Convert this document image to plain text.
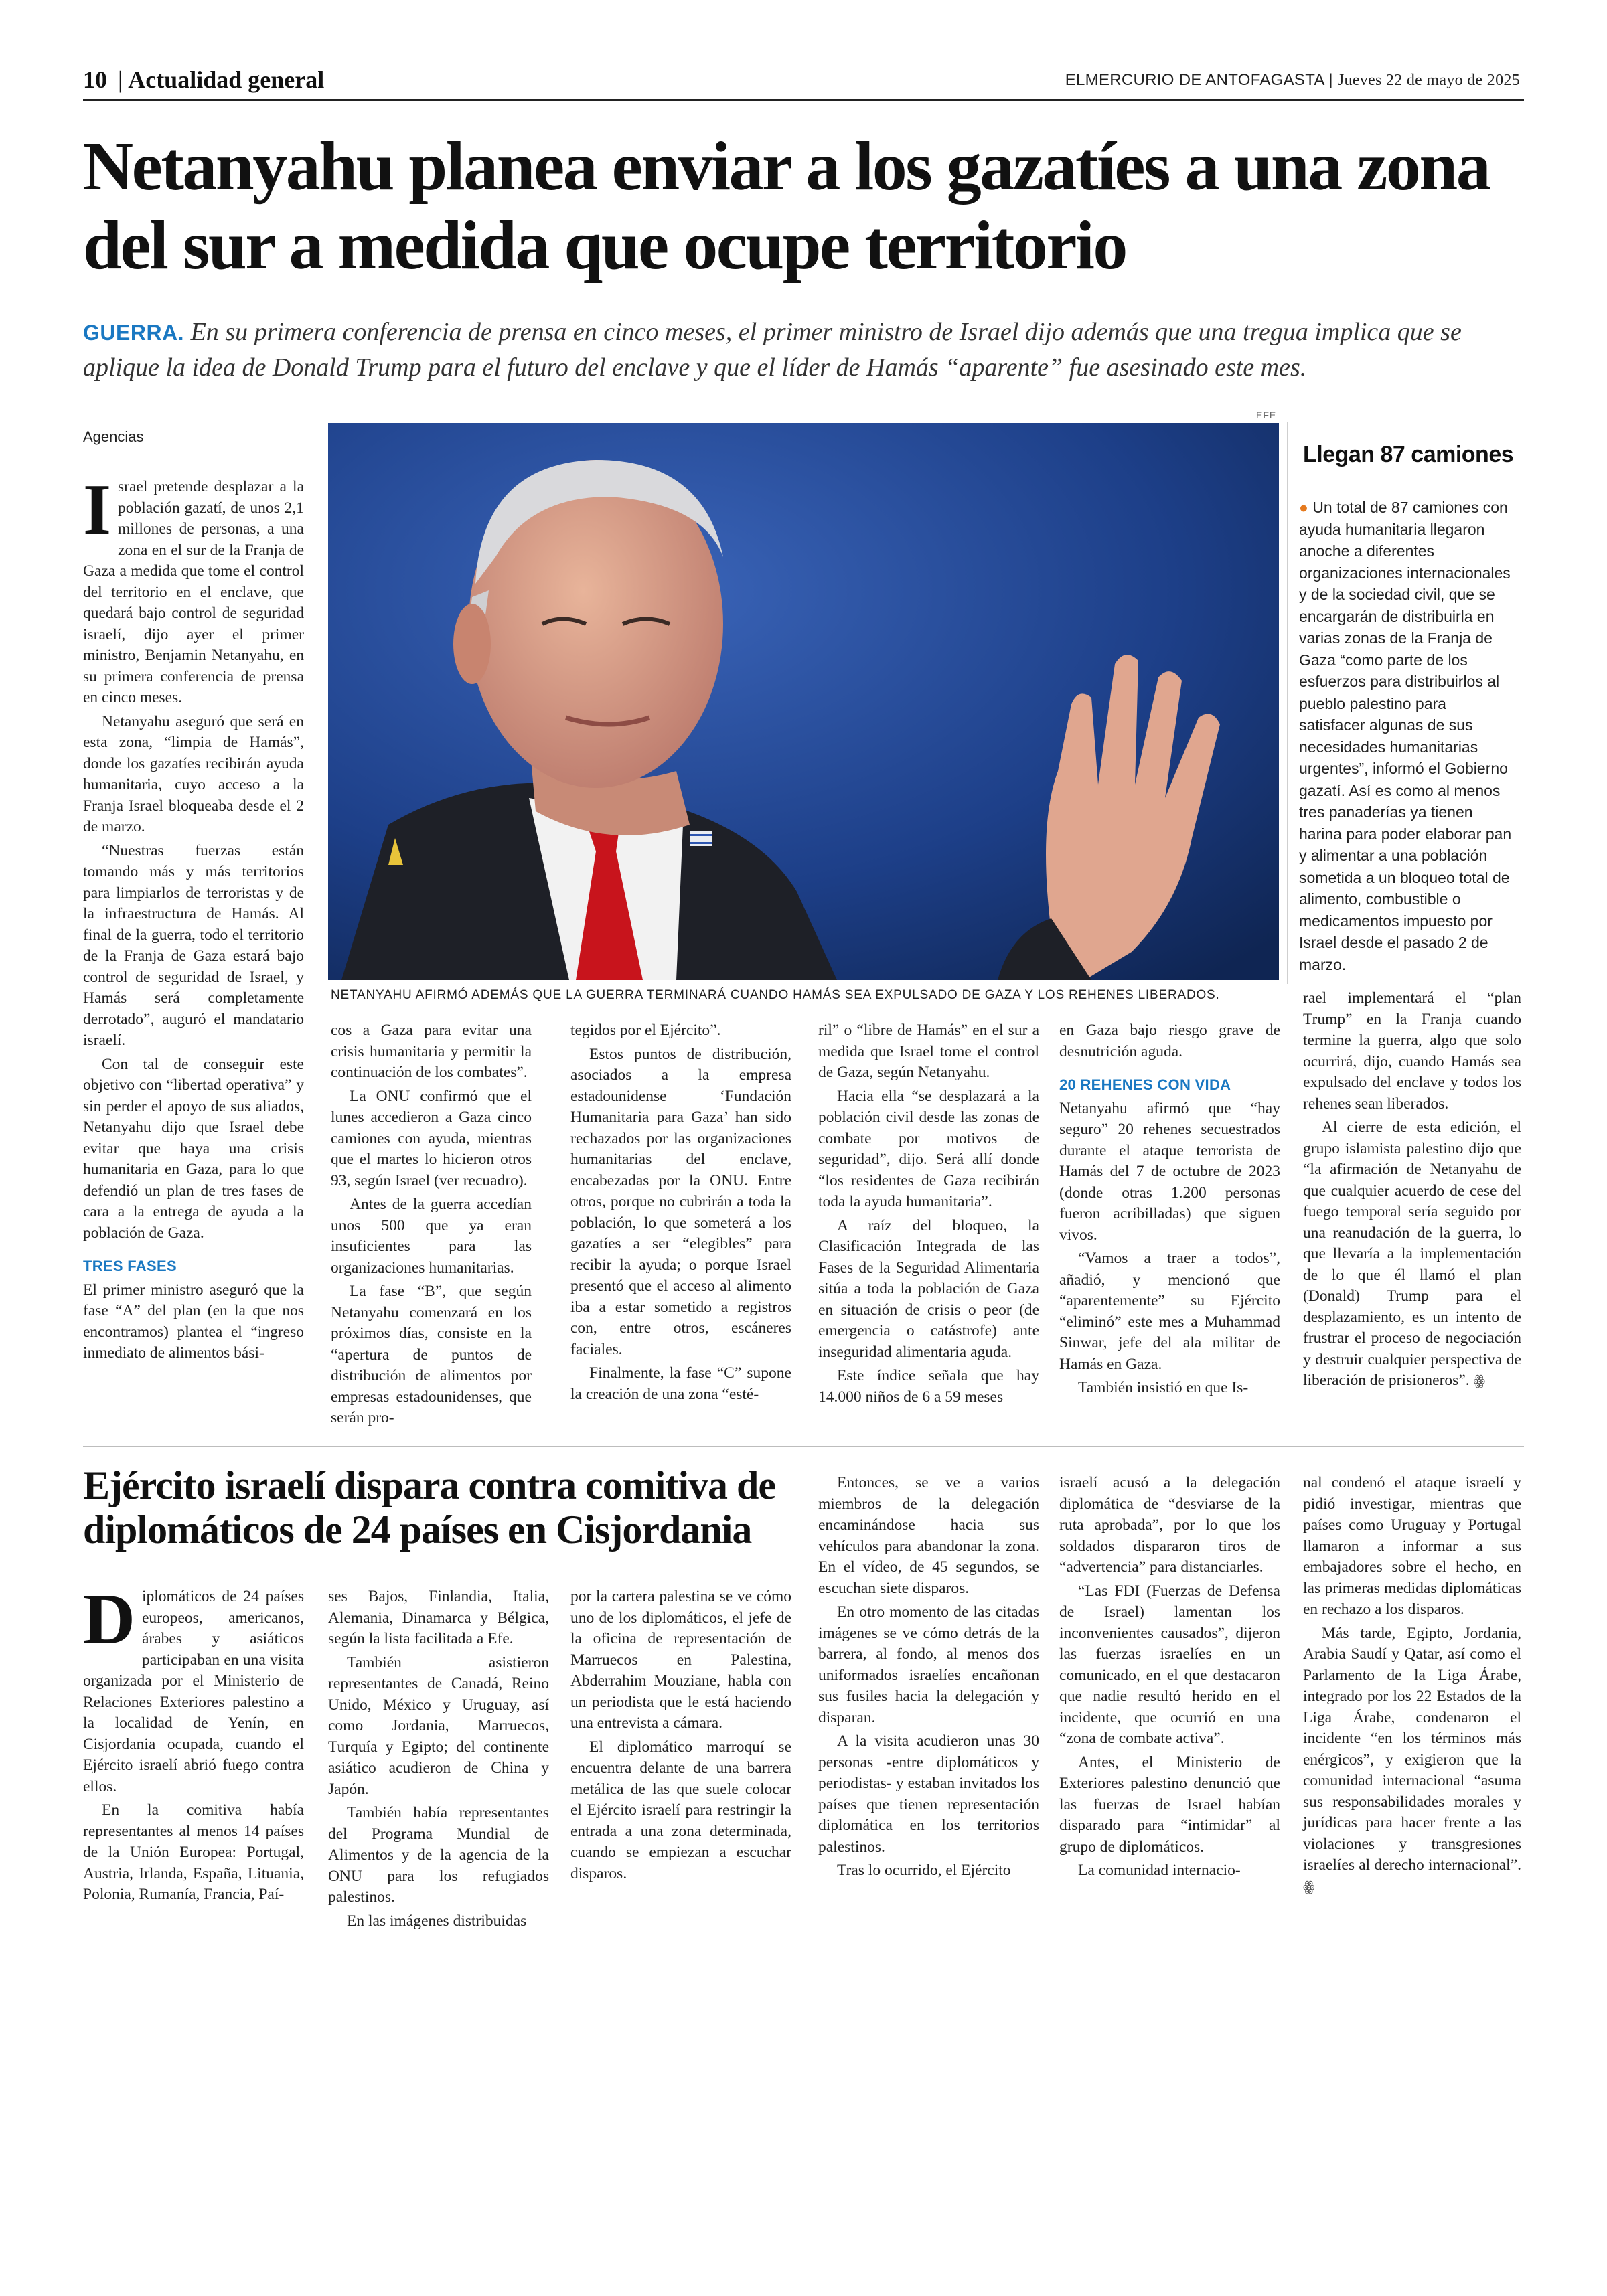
10 | Actualidad general	ELMERCURIO DE ANTOFAGASTA | Jueves 22 de mayo de 2025
Netanyahu planea enviar a los gazatíes a una zona del sur a medida que ocupe territorio
GUERRA. En su primera conferencia de prensa en cinco meses, el primer ministro de Israel dijo además que una tregua implica que se aplique la idea de Donald Trump para el futuro del enclave y que el líder de Hamás “aparente” fue asesinado este mes.
Agencias

Israel pretende desplazar a la población gazatí, de unos 2,1 millones de personas, a una zona en el sur de la Franja de Gaza a medida que tome el control del territorio en el enclave, que quedará bajo control de seguridad israelí, dijo ayer el primer ministro, Benjamin Netanyahu, en su primera conferencia de prensa en cinco meses.

Netanyahu aseguró que será en esta zona, “limpia de Hamás”, donde los gazatíes recibirán ayuda humanitaria, cuyo acceso a la Franja Israel bloqueaba desde el 2 de marzo.

“Nuestras fuerzas están tomando más y más territorios para limpiarlos de terroristas y de la infraestructura de Hamás. Al final de la guerra, todo el territorio de la Franja de Gaza estará bajo control de seguridad de Israel, y Hamás será completamente derrotado”, auguró el mandatario israelí.

Con tal de conseguir este objetivo con “libertad operativa” y sin perder el apoyo de sus aliados, Netanyahu dijo que Israel debe evitar que haya una crisis humanitaria en Gaza, para lo que defendió un plan de tres fases de cara a la entrega de ayuda a la población de Gaza.

TRES FASES

El primer ministro aseguró que la fase “A” del plan (en la que nos encontramos) plantea el “ingreso inmediato de alimentos bási-

EFE
NETANYAHU AFIRMÓ ADEMÁS QUE LA GUERRA TERMINARÁ CUANDO HAMÁS SEA EXPULSADO DE GAZA Y LOS REHENES LIBERADOS.
Llegan 87 camiones
● Un total de 87 camiones con ayuda humanitaria llegaron anoche a diferentes organizaciones internacionales y de la sociedad civil, que se encargarán de distribuirla en varias zonas de la Franja de Gaza “como parte de los esfuerzos para distribuirlos al pueblo palestino para satisfacer algunas de sus necesidades humanitarias urgentes”, informó el Gobierno gazatí. Así es como al menos tres panaderías ya tienen harina para poder elaborar pan y alimentar a una población sometida a un bloqueo total de alimento, combustible o medicamentos impuesto por Israel desde el pasado 2 de marzo.

cos a Gaza para evitar una crisis humanitaria y permitir la continuación de los combates”.

La ONU confirmó que el lunes accedieron a Gaza cinco camiones con ayuda, mientras que el martes lo hicieron otros 93, según Israel (ver recuadro).

Antes de la guerra accedían unos 500 que ya eran insuficientes para las organizaciones humanitarias.

La fase “B”, que según Netanyahu comenzará en los próximos días, consiste en la “apertura de puntos de distribución de alimentos por empresas estadounidenses, que serán pro-

tegidos por el Ejército”.

Estos puntos de distribución, asociados a la empresa estadounidense ‘Fundación Humanitaria para Gaza’ han sido rechazados por las organizaciones humanitarias del enclave, encabezadas por la ONU. Entre otros, porque no cubrirán a toda la población, lo que someterá a los gazatíes a ser “elegibles” para recibir la ayuda; o porque Israel presentó que el acceso al alimento iba a estar sometido a registros con, entre otros, escáneres faciales.

Finalmente, la fase “C” supone la creación de una zona “esté-

ril” o “libre de Hamás” en el sur a medida que Israel tome el control de Gaza, según Netanyahu.

Hacia ella “se desplazará a la población civil desde las zonas de combate por motivos de seguridad”, dijo. Será allí donde “los residentes de Gaza recibirán toda la ayuda humanitaria”.

A raíz del bloqueo, la Clasificación Integrada de las Fases de la Seguridad Alimentaria sitúa a toda la población de Gaza en situación de crisis o peor (de emergencia o catástrofe) ante inseguridad alimentaria aguda.

Este índice señala que hay 14.000 niños de 6 a 59 meses

en Gaza bajo riesgo grave de desnutrición aguda.

20 REHENES CON VIDA

Netanyahu afirmó que “hay seguro” 20 rehenes secuestrados durante el ataque terrorista de Hamás del 7 de octubre de 2023 (donde otras 1.200 personas fueron acribilladas) que siguen vivos.

“Vamos a traer a todos”, añadió, y mencionó que “aparentemente” su Ejército “eliminó” este mes a Muhammad Sinwar, jefe del ala militar de Hamás en Gaza.

También insistió en que Is-

rael implementará el “plan Trump” en la Franja cuando termine la guerra, algo que solo ocurrirá, dijo, cuando Hamás sea expulsado del enclave y todos los rehenes sean liberados.

Al cierre de esta edición, el grupo islamista palestino dijo que “la afirmación de Netanyahu de que cualquier acuerdo de cese del fuego temporal sería seguido por una reanudación de la guerra, lo que llevaría a la implementación de lo que él llamó el plan (Donald) Trump para el desplazamiento, es un intento de frustrar el proceso de negociación y destruir cualquier perspectiva de liberación de prisioneros”. ꙮ

Ejército israelí dispara contra comitiva de diplomáticos de 24 países en Cisjordania

Diplomáticos de 24 países europeos, americanos, árabes y asiáticos participaban en una visita organizada por el Ministerio de Relaciones Exteriores palestino a la localidad de Yenín, en Cisjordania ocupada, cuando el Ejército israelí abrió fuego contra ellos.

En la comitiva había representantes al menos 14 países de la Unión Europea: Portugal, Austria, Irlanda, España, Lituania, Polonia, Rumanía, Francia, Paí-

ses Bajos, Finlandia, Italia, Alemania, Dinamarca y Bélgica, según la lista facilitada a Efe.

También asistieron representantes de Canadá, Reino Unido, México y Uruguay, así como Jordania, Marruecos, Turquía y Egipto; del continente asiático acudieron de China y Japón.

También había representantes del Programa Mundial de Alimentos y de la agencia de la ONU para los refugiados palestinos.

En las imágenes distribuidas

por la cartera palestina se ve cómo uno de los diplomáticos, el jefe de la oficina de representación de Marruecos en Palestina, Abderrahim Mouziane, habla con un periodista que le está haciendo una entrevista a cámara.

El diplomático marroquí se encuentra delante de una barrera metálica de las que suele colocar el Ejército israelí para restringir la entrada a una zona determinada, cuando se empiezan a escuchar disparos.

Entonces, se ve a varios miembros de la delegación encaminándose hacia sus vehículos para abandonar la zona. En el vídeo, de 45 segundos, se escuchan siete disparos.

En otro momento de las citadas imágenes se ve cómo detrás de la barrera, al fondo, al menos dos uniformados israelíes encañonan sus fusiles hacia la delegación y disparan.

A la visita acudieron unas 30 personas -entre diplomáticos y periodistas- y estaban invitados los países que tienen representación diplomática en los territorios palestinos.

Tras lo ocurrido, el Ejército

israelí acusó a la delegación diplomática de “desviarse de la ruta aprobada”, por lo que los soldados dispararon tiros de “advertencia” para distanciarles.

“Las FDI (Fuerzas de Defensa de Israel) lamentan los inconvenientes causados”, dijeron las fuerzas israelíes en un comunicado, en el que destacaron que nadie resultó herido en el incidente, que ocurrió en una “zona de combate activa”.

Antes, el Ministerio de Exteriores palestino denunció que las fuerzas de Israel habían disparado para “intimidar” al grupo de diplomáticos.

La comunidad internacio-

nal condenó el ataque israelí y pidió investigar, mientras que países como Uruguay y Portugal llamaron a informar a sus embajadores sobre el hecho, en las primeras medidas diplomáticas en rechazo a los disparos.

Más tarde, Egipto, Jordania, Arabia Saudí y Qatar, así como el Parlamento de la Liga Árabe, integrado por los 22 Estados de la Liga Árabe, condenaron el incidente “en los términos más enérgicos”, y exigieron que la comunidad internacional “asuma sus responsabilidades morales y jurídicas para hacer frente a las violaciones y transgresiones israelíes al derecho internacional”. ꙮ
